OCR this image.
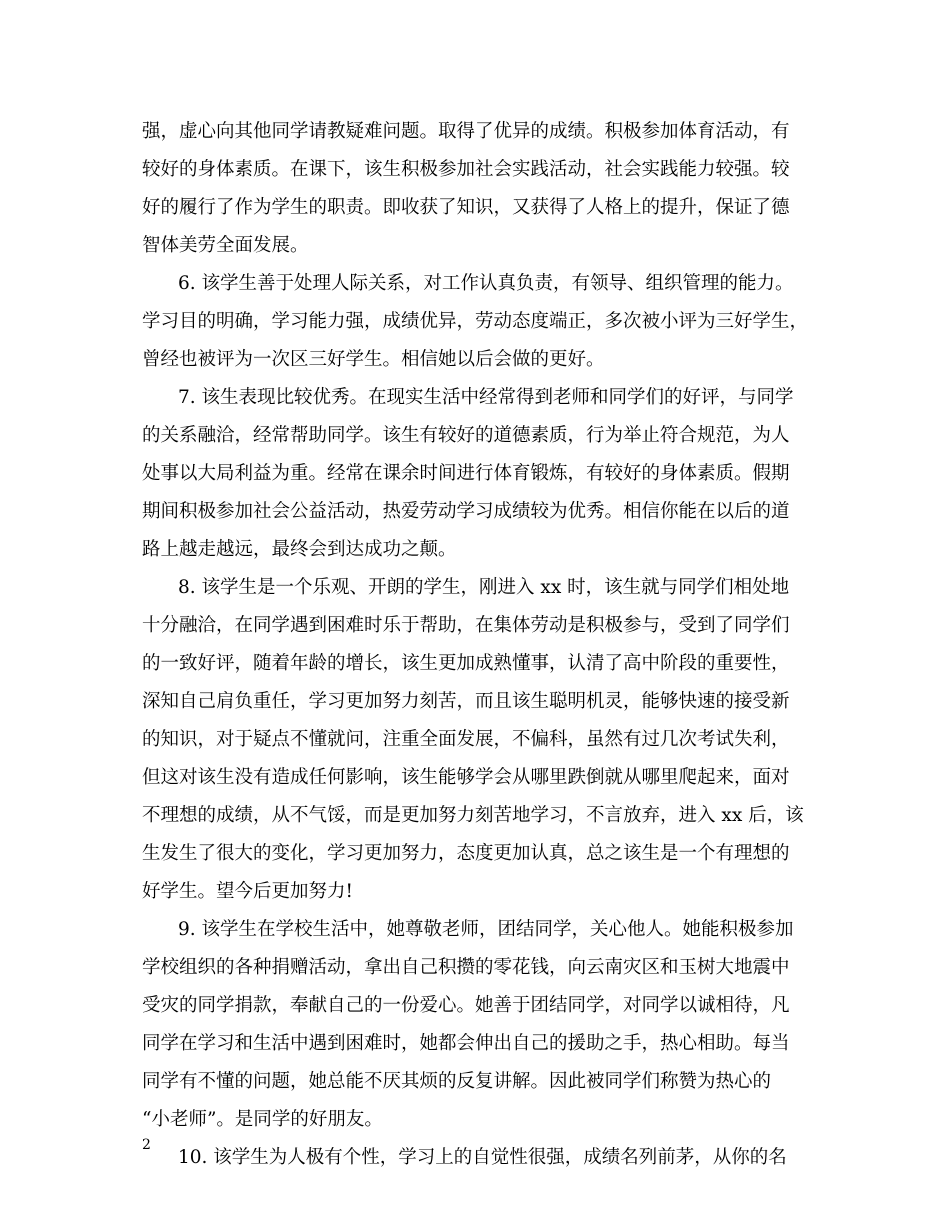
强，虚心向其他同学请教疑难问题。取得了优异的成绩。积极参加体育活动，有
较好的身体素质。在课下，该生积极参加社会实践活动，社会实践能力较强。较
好的履行了作为学生的职责。即收获了知识，又获得了人格上的提升，保证了德
智体美劳全面发展。
6. 该学生善于处理人际关系，对工作认真负责，有领导、组织管理的能力。
学习目的明确，学习能力强，成绩优异，劳动态度端正，多次被小评为三好学生，
曾经也被评为一次区三好学生。相信她以后会做的更好。
7. 该生表现比较优秀。在现实生活中经常得到老师和同学们的好评，与同学
的关系融洽，经常帮助同学。该生有较好的道德素质，行为举止符合规范，为人
处事以大局利益为重。经常在课余时间进行体育锻炼，有较好的身体素质。假期
期间积极参加社会公益活动，热爱劳动学习成绩较为优秀。相信你能在以后的道
路上越走越远，最终会到达成功之颠。
8. 该学生是一个乐观、开朗的学生，刚进入 xx 时，该生就与同学们相处地
十分融洽，在同学遇到困难时乐于帮助，在集体劳动是积极参与，受到了同学们
的一致好评，随着年龄的增长，该生更加成熟懂事，认清了高中阶段的重要性，
深知自己肩负重任，学习更加努力刻苦，而且该生聪明机灵，能够快速的接受新
的知识，对于疑点不懂就问，注重全面发展，不偏科，虽然有过几次考试失利，
但这对该生没有造成任何影响，该生能够学会从哪里跌倒就从哪里爬起来，面对
不理想的成绩，从不气馁，而是更加努力刻苦地学习，不言放弃，进入 xx 后，该
生发生了很大的变化，学习更加努力，态度更加认真，总之该生是一个有理想的
好学生。望今后更加努力!
9. 该学生在学校生活中，她尊敬老师，团结同学，关心他人。她能积极参加
学校组织的各种捐赠活动，拿出自己积攒的零花钱，向云南灾区和玉树大地震中
受灾的同学捐款，奉献自己的一份爱心。她善于团结同学，对同学以诚相待，凡
同学在学习和生活中遇到困难时，她都会伸出自己的援助之手，热心相助。每当
同学有不懂的问题，她总能不厌其烦的反复讲解。因此被同学们称赞为热心的
“小老师”。是同学的好朋友。
10. 该学生为人极有个性，学习上的自觉性很强，成绩名列前茅，从你的名
2
